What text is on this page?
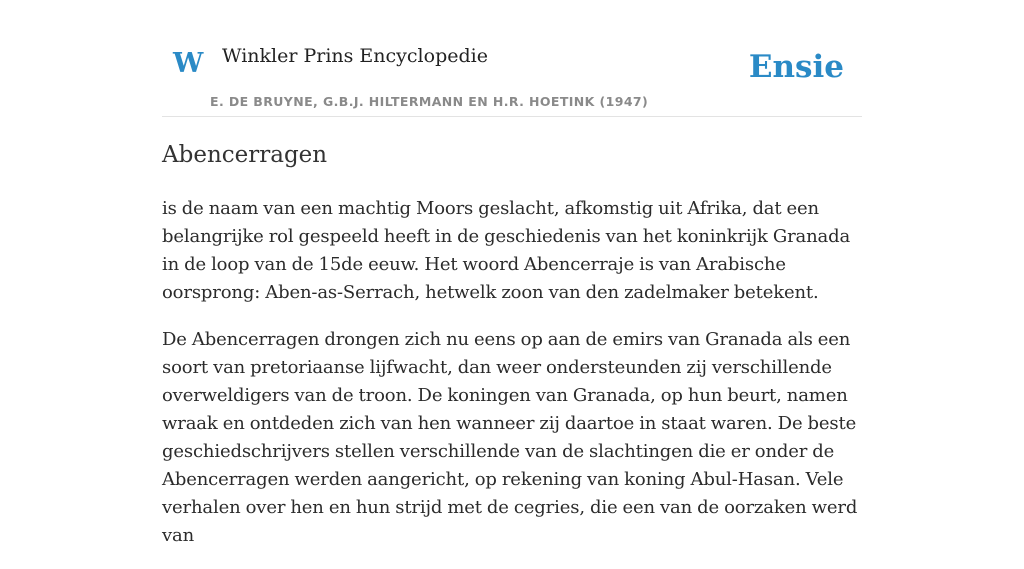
W Winkler Prins Encyclopedie
E. DE BRUYNE, G.B.J. HILTERMANN EN H.R. HOETINK (1947)
Ensie
Abencerragen

is de naam van een machtig Moors geslacht, afkomstig uit Afrika, dat een belangrijke rol gespeeld heeft in de geschiedenis van het koninkrijk Granada in de loop van de 15de eeuw. Het woord Abencerraje is van Arabische oorsprong: Aben-as-Serrach, hetwelk zoon van den zadelmaker betekent.

De Abencerragen drongen zich nu eens op aan de emirs van Granada als een soort van pretoriaanse lijfwacht, dan weer ondersteunden zij verschillende overweldigers van de troon. De koningen van Granada, op hun beurt, namen wraak en ontdeden zich van hen wanneer zij daartoe in staat waren. De beste geschiedschrijvers stellen verschillende van de slachtingen die er onder de Abencerragen werden aangericht, op rekening van koning Abul-Hasan. Vele verhalen over hen en hun strijd met de cegries, die een van de oorzaken werd van
